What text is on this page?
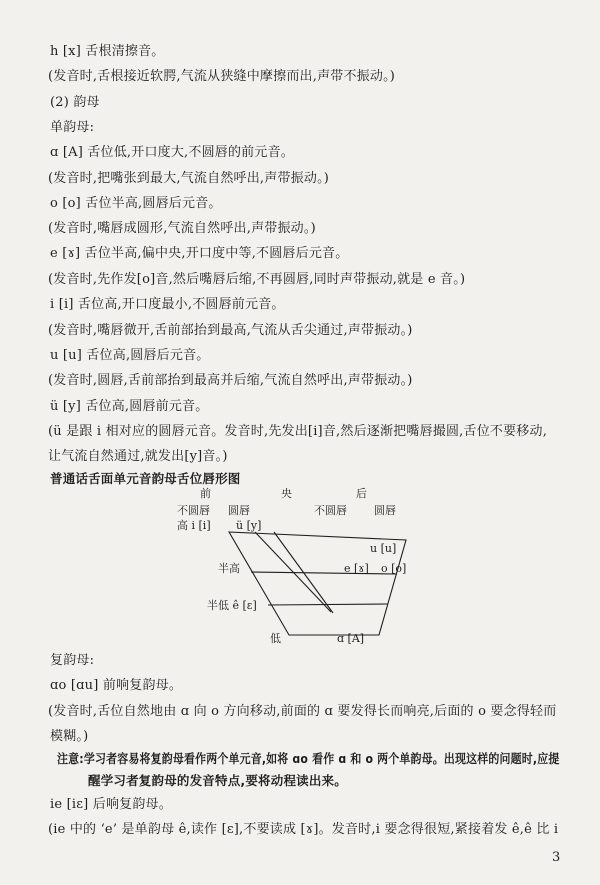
h [x] 舌根清擦音。
(发音时,舌根接近软腭,气流从狭缝中摩擦而出,声带不振动。)
(2) 韵母
单韵母:
ɑ [A] 舌位低,开口度大,不圆唇的前元音。
(发音时,把嘴张到最大,气流自然呼出,声带振动。)
o [o] 舌位半高,圆唇后元音。
(发音时,嘴唇成圆形,气流自然呼出,声带振动。)
e [ɤ] 舌位半高,偏中央,开口度中等,不圆唇后元音。
(发音时,先作发[o]音,然后嘴唇后缩,不再圆唇,同时声带振动,就是 e 音。)
i [i] 舌位高,开口度最小,不圆唇前元音。
(发音时,嘴唇微开,舌前部抬到最高,气流从舌尖通过,声带振动。)
u [u] 舌位高,圆唇后元音。
(发音时,圆唇,舌前部抬到最高并后缩,气流自然呼出,声带振动。)
ü [y] 舌位高,圆唇前元音。
(ü 是跟 i 相对应的圆唇元音。发音时,先发出[i]音,然后逐渐把嘴唇撮圆,舌位不要移动,
让气流自然通过,就发出[y]音。)
普通话舌面单元音韵母舌位唇形图
前	央	后
不圆唇 圆唇	不圆唇 圆唇
高 i [i] ü [y]
u [u]
半高	e [ɤ] o [o]
半低 ê [ɛ]
低	ɑ [A]
复韵母:
ɑo [ɑu] 前响复韵母。
(发音时,舌位自然地由 ɑ 向 o 方向移动,前面的 ɑ 要发得长而响亮,后面的 o 要念得轻而
模糊。)
注意:学习者容易将复韵母看作两个单元音,如将 ɑo 看作 ɑ 和 o 两个单韵母。出现这样的问题时,应提
醒学习者复韵母的发音特点,要将动程读出来。
ie [iɛ] 后响复韵母。
(ie 中的 ‘e’ 是单韵母 ê,读作 [ɛ],不要读成 [ɤ]。发音时,i 要念得很短,紧接着发 ê,ê 比 i
3
